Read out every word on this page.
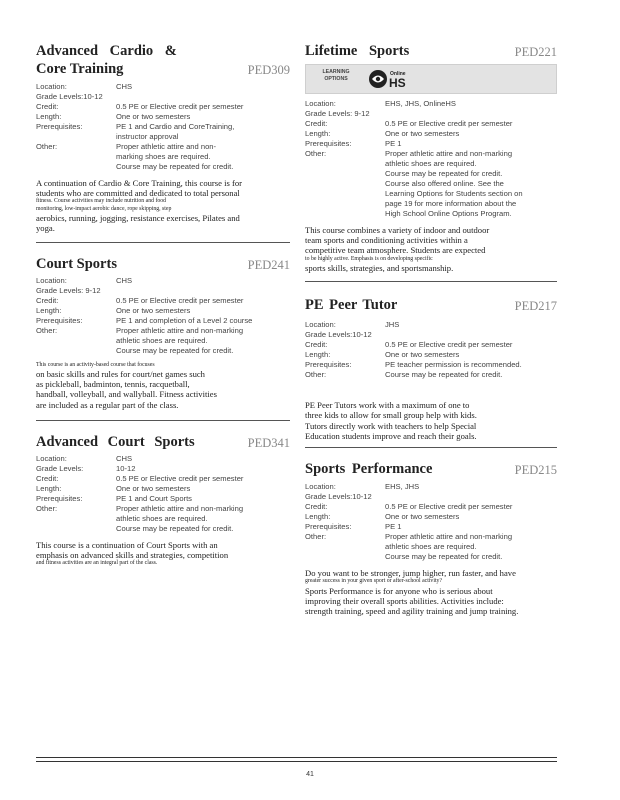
Advanced Cardio &
Core Training	PED309
Location:	CHS
Grade Levels:10-12
Credit:	0.5 PE or Elective credit per semester
Length:	One or two semesters
Prerequisites:	PE 1 and Cardio and CoreTraining,
instructor approval
Other:	Proper athletic attire and non-
marking shoes are required.
Course may be repeated for credit.
A continuation of Cardio & Core Training, this course is for
students who are committed and dedicated to total personal
fitness. Course activities may include nutrition and food
monitoring, low-impact aerobic dance, rope skipping, step
aerobics, running, jogging, resistance exercises, Pilates and
yoga.
Court Sports	PED241
Location:	CHS
Grade Levels: 9-12
Credit:	0.5 PE or Elective credit per semester
Length:	One or two semesters
Prerequisites:	PE 1 and completion of a Level 2 course
Other:	Proper athletic attire and non-marking
athletic shoes are required.
Course may be repeated for credit.
This course is an activity-based course that focuses
on basic skills and rules for court/net games such
as pickleball, badminton, tennis, racquetball,
handball, volleyball, and wallyball. Fitness activities
are included as a regular part of the class.
Advanced Court Sports	PED341
Location:	CHS
Grade Levels:	10-12
Credit:	0.5 PE or Elective credit per semester
Length:	One or two semesters
Prerequisites:	PE 1 and Court Sports
Other:	Proper athletic attire and non-marking
athletic shoes are required.
Course may be repeated for credit.
This course is a continuation of Court Sports with an
emphasis on advanced skills and strategies, competition
and fitness activities are an integral part of the class.
Lifetime Sports	PED221
LEARNING
OPTIONS
Online
HS
Location:	EHS, JHS, OnlineHS
Grade Levels: 9-12
Credit:	0.5 PE or Elective credit per semester
Length:	One or two semesters
Prerequisites:	PE 1
Other:	Proper athletic attire and non-marking
athletic shoes are required.
Course may be repeated for credit.
Course also offered online. See the
Learning Options for Students section on
page 19 for more information about the
High School Online Options Program.
This course combines a variety of indoor and outdoor
team sports and conditioning activities within a
competitive team atmosphere. Students are expected
to be highly active. Emphasis is on developing specific
sports skills, strategies, and sportsmanship.
PE Peer Tutor	PED217
Location:	JHS
Grade Levels:10-12
Credit:	0.5 PE or Elective credit per semester
Length:	One or two semesters
Prerequisites:	PE teacher permission is recommended.
Other:	Course may be repeated for credit.
PE Peer Tutors work with a maximum of one to
three kids to allow for small group help with kids.
Tutors directly work with teachers to help Special
Education students improve and reach their goals.
Sports Performance	PED215
Location:	EHS, JHS
Grade Levels:10-12
Credit:	0.5 PE or Elective credit per semester
Length:	One or two semesters
Prerequisites:	PE 1
Other:	Proper athletic attire and non-marking
athletic shoes are required.
Course may be repeated for credit.
Do you want to be stronger, jump higher, run faster, and have
greater success in your given sport or after-school activity?
Sports Performance is for anyone who is serious about
improving their overall sports abilities. Activities include:
strength training, speed and agility training and jump training.
41
